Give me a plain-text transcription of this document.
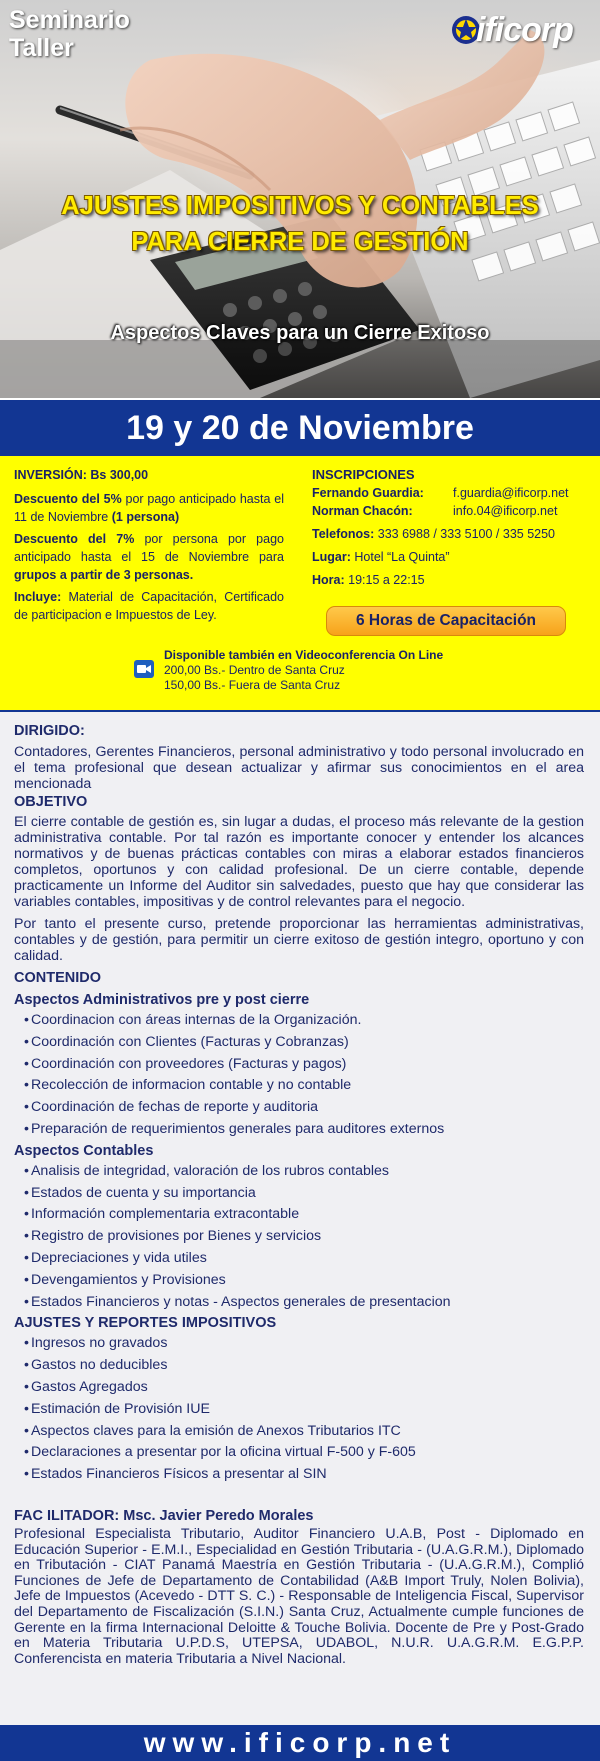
Seminario
Taller	ificorp
AJUSTES IMPOSITIVOS Y CONTABLES PARA CIERRE DE GESTIÓN
Aspectos Claves para un Cierre Exitoso
19 y 20 de Noviembre

INVERSIÓN: Bs 300,00

Descuento del 5% por pago anticipado hasta el 11 de Noviembre (1 persona)

Descuento del 7% por persona por pago anticipado hasta el 15 de Noviembre para grupos a partir de 3 personas.

Incluye: Material de Capacitación, Certificado de participacion e Impuestos de Ley.

INSCRIPCIONES
Fernando Guardia:	f.guardia@ificorp.net
Norman Chacón:	info.04@ificorp.net
Telefonos: 333 6988 / 333 5100 / 335 5250
Lugar: Hotel “La Quinta”
Hora: 19:15 a 22:15
6 Horas de Capacitación
Disponible también en Videoconferencia On Line
200,00 Bs.- Dentro de Santa Cruz
150,00 Bs.- Fuera de Santa Cruz
DIRIGIDO:
Contadores, Gerentes Financieros, personal administrativo y todo personal involucrado en el tema profesional que desean actualizar y afirmar sus conocimientos en el area mencionada
OBJETIVO
El cierre contable de gestión es, sin lugar a dudas, el proceso más relevante de la gestion administrativa contable. Por tal razón es importante conocer y entender los alcances normativos y de buenas prácticas contables con miras a elaborar estados financieros completos, oportunos y con calidad profesional. De un cierre contable, depende practicamente un Informe del Auditor sin salvedades, puesto que hay que considerar las variables contables, impositivas y de control relevantes para el negocio.
Por tanto el presente curso, pretende proporcionar las herramientas administrativas, contables y de gestión, para permitir un cierre exitoso de gestión integro, oportuno y con calidad.
CONTENIDO
Aspectos Administrativos pre y post cierre
• Coordinacion con áreas internas de la Organización.
• Coordinación con Clientes (Facturas y Cobranzas)
• Coordinación con proveedores (Facturas y pagos)
• Recolección de informacion contable y no contable
• Coordinación de fechas de reporte y auditoria
• Preparación de requerimientos generales para auditores externos
Aspectos Contables
• Analisis de integridad, valoración de los rubros contables
• Estados de cuenta y su importancia
• Información complementaria extracontable
• Registro de provisiones por Bienes y servicios
• Depreciaciones y vida utiles
• Devengamientos y Provisiones
• Estados Financieros y notas - Aspectos generales de presentacion
AJUSTES Y REPORTES IMPOSITIVOS
• Ingresos no gravados
• Gastos no deducibles
• Gastos Agregados
• Estimación de Provisión IUE
• Aspectos claves para la emisión de Anexos Tributarios ITC
• Declaraciones a presentar por la oficina virtual F-500 y F-605
• Estados Financieros Físicos a presentar al SIN
FAC ILITADOR: Msc. Javier Peredo Morales
Profesional Especialista Tributario, Auditor Financiero U.A.B, Post - Diplomado en Educación Superior - E.M.I., Especialidad en Gestión Tributaria - (U.A.G.R.M.), Diplomado en Tributación - CIAT Panamá Maestría en Gestión Tributaria - (U.A.G.R.M.), Complió Funciones de Jefe de Departamento de Contabilidad (A&B Import Truly, Nolen Bolivia), Jefe de Impuestos (Acevedo - DTT S. C.) - Responsable de Inteligencia Fiscal, Supervisor del Departamento de Fiscalización (S.I.N.) Santa Cruz, Actualmente cumple funciones de Gerente en la firma Internacional Deloitte & Touche Bolivia. Docente de Pre y Post-Grado en Materia Tributaria U.P.D.S, UTEPSA, UDABOL, N.U.R. U.A.G.R.M. E.G.P.P. Conferencista en materia Tributaria a Nivel Nacional.
www.ificorp.net
